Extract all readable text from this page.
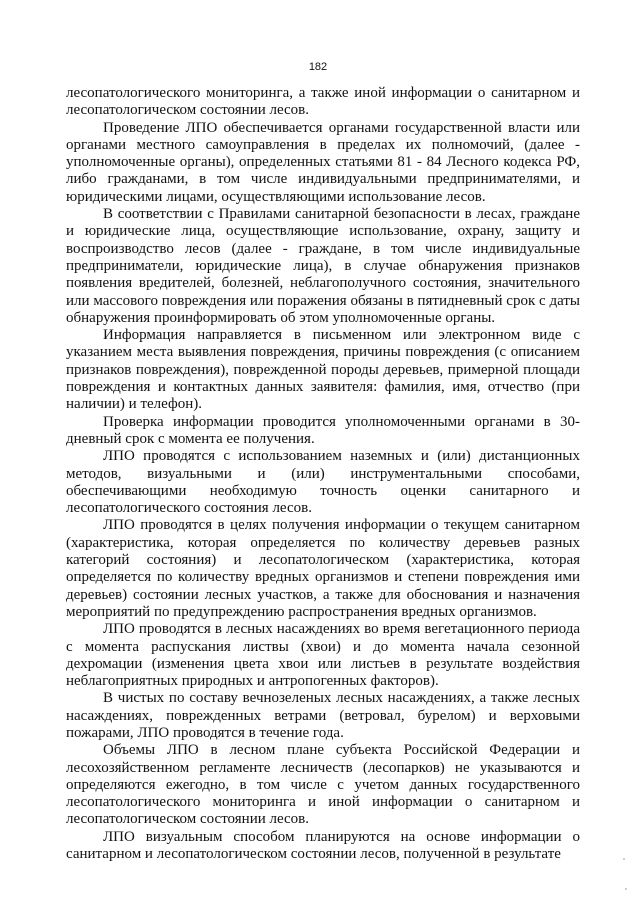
182

лесопатологического мониторинга, а также иной информации о санитарном и лесопатологическом состоянии лесов.

Проведение ЛПО обеспечивается органами государственной власти или органами местного самоуправления в пределах их полномочий, (далее - уполномоченные органы), определенных статьями 81 - 84 Лесного кодекса РФ, либо гражданами, в том числе индивидуальными предпринимателями, и юридическими лицами, осуществляющими использование лесов.

В соответствии с Правилами санитарной безопасности в лесах, граждане и юридические лица, осуществляющие использование, охрану, защиту и воспроизводство лесов (далее - граждане, в том числе индивидуальные предприниматели, юридические лица), в случае обнаружения признаков появления вредителей, болезней, неблагополучного состояния, значительного или массового повреждения или поражения обязаны в пятидневный срок с даты обнаружения проинформировать об этом уполномоченные органы.

Информация направляется в письменном или электронном виде с указанием места выявления повреждения, причины повреждения (с описанием признаков повреждения), поврежденной породы деревьев, примерной площади повреждения и контактных данных заявителя: фамилия, имя, отчество (при наличии) и телефон).

Проверка информации проводится уполномоченными органами в 30-дневный срок с момента ее получения.

ЛПО проводятся с использованием наземных и (или) дистанционных методов, визуальными и (или) инструментальными способами, обеспечивающими необходимую точность оценки санитарного и лесопатологического состояния лесов.

ЛПО проводятся в целях получения информации о текущем санитарном (характеристика, которая определяется по количеству деревьев разных категорий состояния) и лесопатологическом (характеристика, которая определяется по количеству вредных организмов и степени повреждения ими деревьев) состоянии лесных участков, а также для обоснования и назначения мероприятий по предупреждению распространения вредных организмов.

ЛПО проводятся в лесных насаждениях во время вегетационного периода с момента распускания листвы (хвои) и до момента начала сезонной дехромации (изменения цвета хвои или листьев в результате воздействия неблагоприятных природных и антропогенных факторов).

В чистых по составу вечнозеленых лесных насаждениях, а также лесных насаждениях, поврежденных ветрами (ветровал, бурелом) и верховыми пожарами, ЛПО проводятся в течение года.

Объемы ЛПО в лесном плане субъекта Российской Федерации и лесохозяйственном регламенте лесничеств (лесопарков) не указываются и определяются ежегодно, в том числе с учетом данных государственного лесопатологического мониторинга и иной информации о санитарном и лесопатологическом состоянии лесов.

ЛПО визуальным способом планируются на основе информации о санитарном и лесопатологическом состоянии лесов, полученной в результате
